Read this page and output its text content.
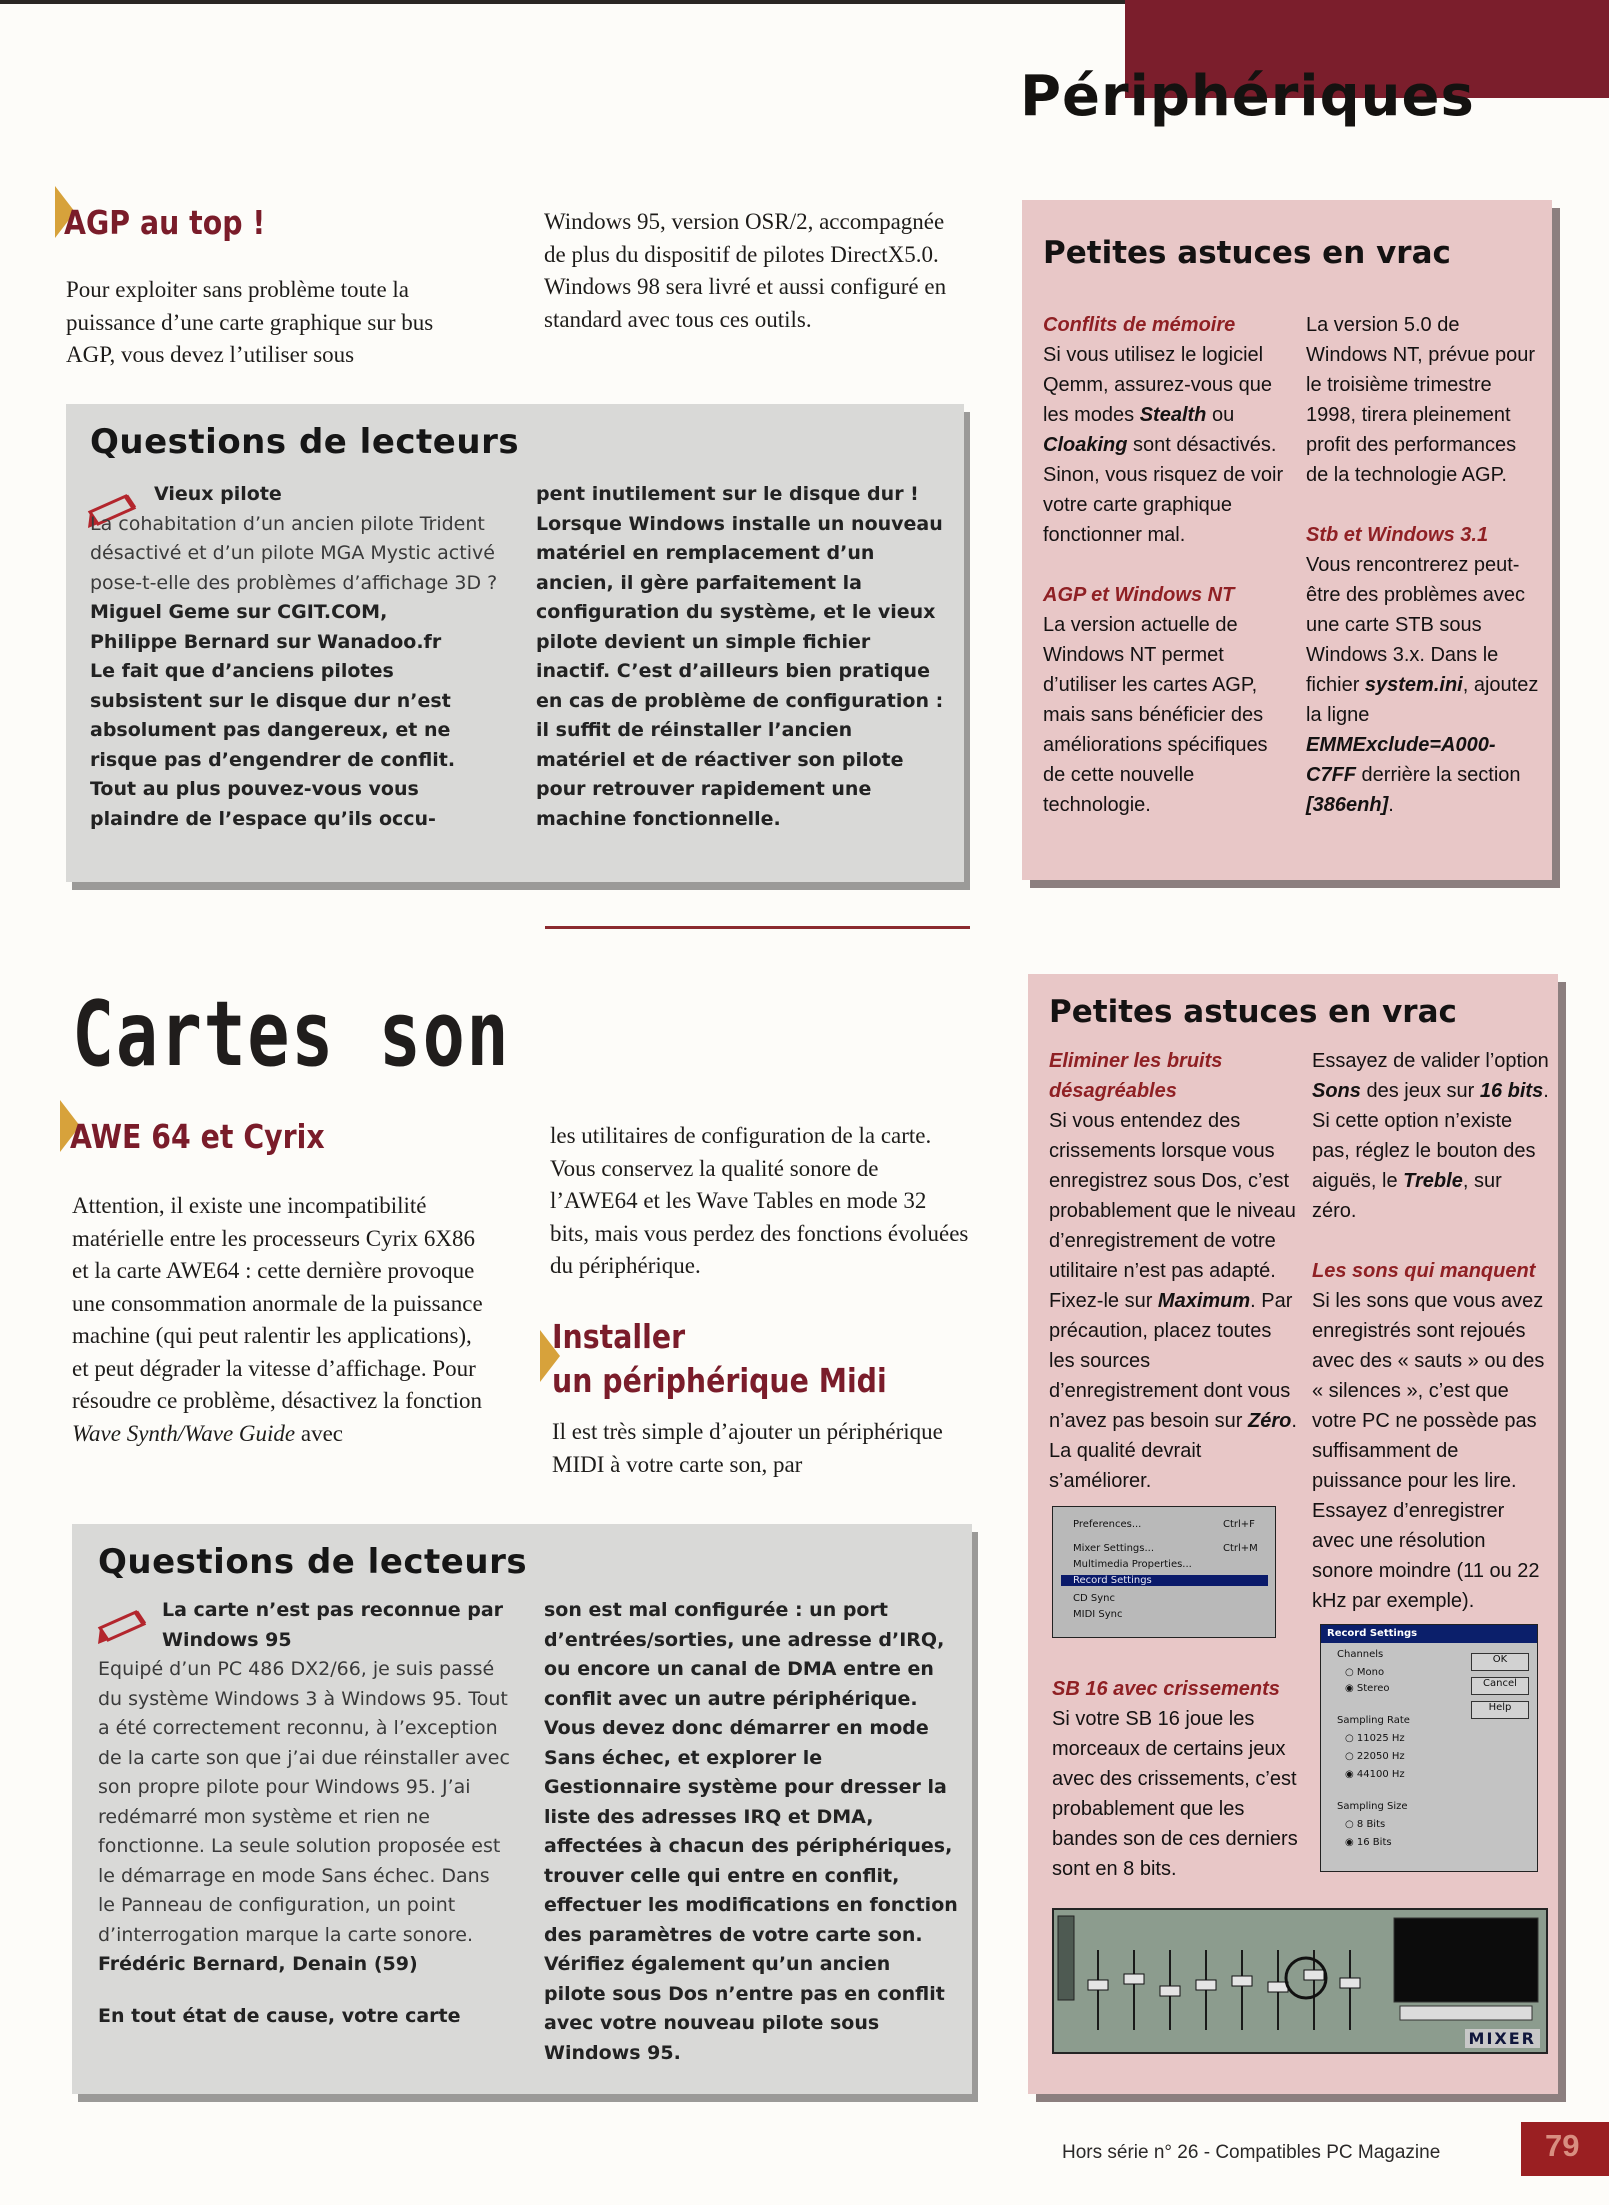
Périphériques
AGP au top !

Pour exploiter sans problème toute la puissance d’une carte graphique sur bus AGP, vous devez l’utiliser sous

Windows 95, version OSR/2, accompagnée de plus du dispositif de pilotes DirectX5.0. Windows 98 sera livré et aussi configuré en standard avec tous ces outils.

Questions de lecteurs
Vieux pilote
La cohabitation d’un ancien pilote Trident désactivé et d’un pilote MGA Mystic activé pose-t-elle des problèmes d’affichage 3D ?
Miguel Geme sur CGIT.COM,
Philippe Bernard sur Wanadoo.fr
Le fait que d’anciens pilotes subsistent sur le disque dur n’est absolument pas dangereux, et ne risque pas d’engendrer de conflit. Tout au plus pouvez-vous vous plaindre de l’espace qu’ils occu-
pent inutilement sur le disque dur ! Lorsque Windows installe un nouveau matériel en remplacement d’un ancien, il gère parfaitement la configuration du système, et le vieux pilote devient un simple fichier inactif. C’est d’ailleurs bien pratique en cas de problème de configuration : il suffit de réinstaller l’ancien matériel et de réactiver son pilote pour retrouver rapidement une machine fonctionnelle.
Petites astuces en vrac
Conflits de mémoire
Si vous utilisez le logiciel Qemm, assurez-vous que les modes Stealth ou Cloaking sont désactivés. Sinon, vous risquez de voir votre carte graphique fonctionner mal.
AGP et Windows NT
La version actuelle de Windows NT permet d’utiliser les cartes AGP, mais sans bénéficier des améliorations spécifiques de cette nouvelle technologie.
La version 5.0 de Windows NT, prévue pour le troisième trimestre 1998, tirera pleinement profit des performances de la technologie AGP.
Stb et Windows 3.1
Vous rencontrerez peut-être des problèmes avec une carte STB sous Windows 3.x. Dans le fichier system.ini, ajoutez la ligne EMMExclude=A000-C7FF derrière la section [386enh].
Cartes son
AWE 64 et Cyrix

Attention, il existe une incompatibilité matérielle entre les processeurs Cyrix 6X86 et la carte AWE64 : cette dernière provoque une consommation anormale de la puissance machine (qui peut ralentir les applications), et peut dégrader la vitesse d’affichage. Pour résoudre ce problème, désactivez la fonction Wave Synth/Wave Guide avec

les utilitaires de configuration de la carte. Vous conservez la qualité sonore de l’AWE64 et les Wave Tables en mode 32 bits, mais vous perdez des fonctions évoluées du périphérique.

Installer
un périphérique Midi

Il est très simple d’ajouter un périphérique MIDI à votre carte son, par

Questions de lecteurs
La carte n’est pas reconnue par Windows 95
Equipé d’un PC 486 DX2/66, je suis passé du système Windows 3 à Windows 95. Tout a été correctement reconnu, à l’exception de la carte son que j’ai due réinstaller avec son propre pilote pour Windows 95. J’ai redémarré mon système et rien ne fonctionne. La seule solution proposée est le démarrage en mode Sans échec. Dans le Panneau de configuration, un point d’interrogation marque la carte sonore.
Frédéric Bernard, Denain (59)

En tout état de cause, votre carte
son est mal configurée : un port d’entrées/sorties, une adresse d’IRQ, ou encore un canal de DMA entre en conflit avec un autre périphérique. Vous devez donc démarrer en mode Sans échec, et explorer le Gestionnaire système pour dresser la liste des adresses IRQ et DMA, affectées à chacun des périphériques, trouver celle qui entre en conflit, effectuer les modifications en fonction des paramètres de votre carte son. Vérifiez également qu’un ancien pilote sous Dos n’entre pas en conflit avec votre nouveau pilote sous Windows 95.
Petites astuces en vrac
Eliminer les bruits désagréables
Si vous entendez des crissements lorsque vous enregistrez sous Dos, c’est probablement que le niveau d’enregistrement de votre utilitaire n’est pas adapté. Fixez-le sur Maximum. Par précaution, placez toutes les sources d’enregistrement dont vous n’avez pas besoin sur Zéro. La qualité devrait s’améliorer.
SB 16 avec crissements
Si votre SB 16 joue les morceaux de certains jeux avec des crissements, c’est probablement que les bandes son de ces derniers sont en 8 bits.
Essayez de valider l’option Sons des jeux sur 16 bits. Si cette option n’existe pas, réglez le bouton des aiguës, le Treble, sur zéro.
Les sons qui manquent
Si les sons que vous avez enregistrés sont rejoués avec des « sauts » ou des « silences », c’est que votre PC ne possède pas suffisamment de puissance pour les lire. Essayez d’enregistrer avec une résolution sonore moindre (11 ou 22 kHz par exemple).
Preferences...	Ctrl+F
Mixer Settings...	Ctrl+M
Multimedia Properties...
Record Settings
CD Sync
MIDI Sync
Record Settings
Channels
○ Mono
◉ Stereo
Sampling Rate
○ 11025 Hz
○ 22050 Hz
◉ 44100 Hz
Sampling Size
○ 8 Bits
◉ 16 Bits
OK
Cancel
Help
MIXER
Hors série n° 26 - Compatibles PC Magazine	79
